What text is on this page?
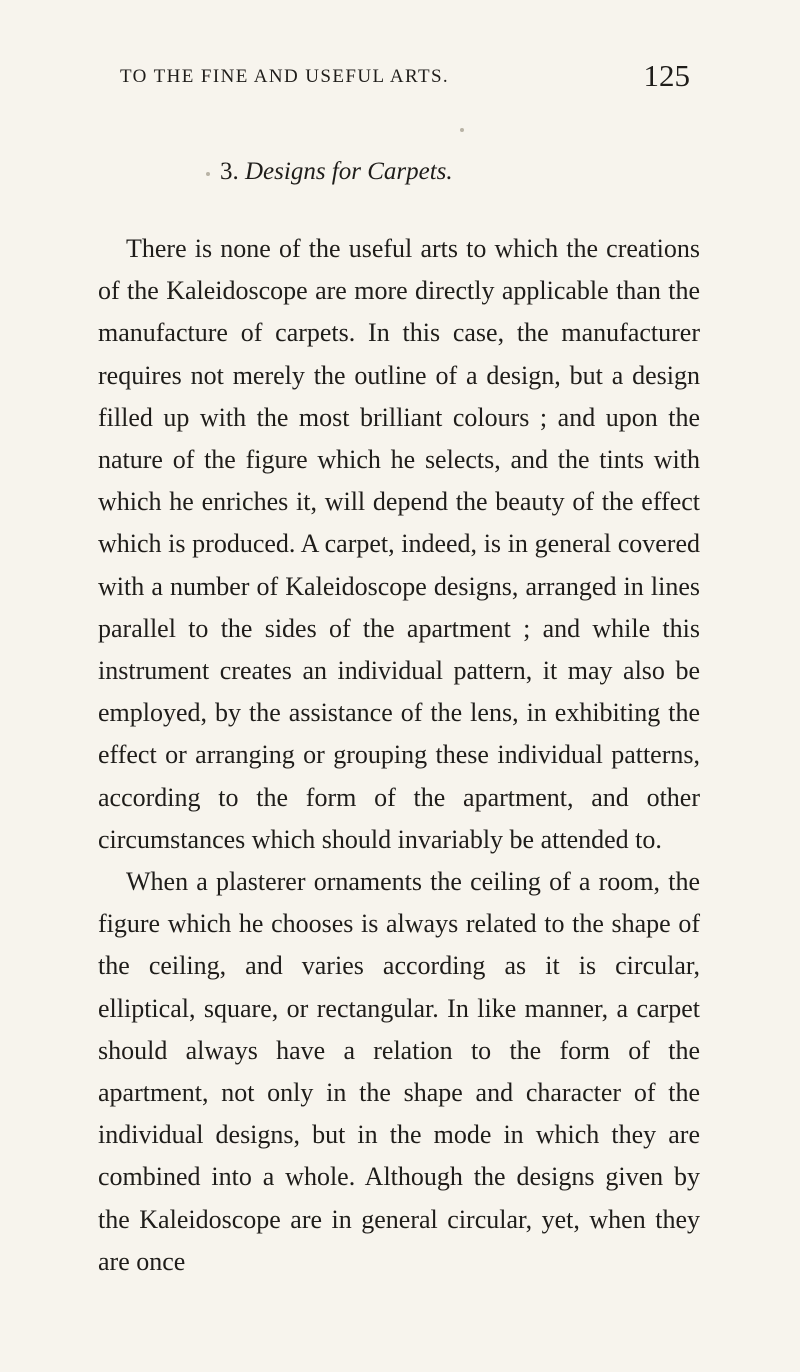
TO THE FINE AND USEFUL ARTS.	125
3. Designs for Carpets.

There is none of the useful arts to which the creations of the Kaleidoscope are more directly applicable than the manufacture of carpets. In this case, the manufacturer requires not merely the outline of a design, but a design filled up with the most brilliant colours ; and upon the nature of the figure which he selects, and the tints with which he enriches it, will depend the beauty of the effect which is produced. A carpet, indeed, is in general covered with a number of Kaleidoscope designs, arranged in lines parallel to the sides of the apartment ; and while this instrument creates an individual pattern, it may also be employed, by the assistance of the lens, in exhibiting the effect or arranging or grouping these individual patterns, according to the form of the apartment, and other circumstances which should invariably be attended to.

When a plasterer ornaments the ceiling of a room, the figure which he chooses is always related to the shape of the ceiling, and varies according as it is circular, elliptical, square, or rectangular. In like manner, a carpet should always have a relation to the form of the apartment, not only in the shape and character of the individual designs, but in the mode in which they are combined into a whole. Although the designs given by the Kaleidoscope are in general circular, yet, when they are once
